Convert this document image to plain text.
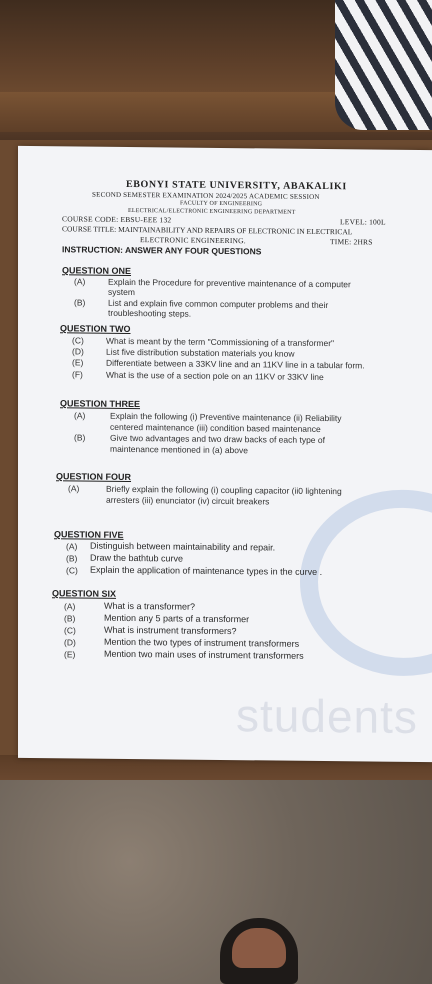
students
EBONYI STATE UNIVERSITY, ABAKALIKI
SECOND SEMESTER EXAMINATION 2024/2025 ACADEMIC SESSION
FACULTY OF ENGINEERING
ELECTRICAL/ELECTRONIC ENGINEERING DEPARTMENT
COURSE CODE: EBSU-EEE 132	LEVEL: 100L
COURSE TITLE: MAINTAINABILITY AND REPAIRS OF ELECTRONIC IN ELECTRICAL
ELECTRONIC ENGINEERING.	TIME: 2HRS
INSTRUCTION: ANSWER ANY FOUR QUESTIONS
QUESTION ONE
(A)	Explain the Procedure for preventive maintenance of a computer
system
(B)	List and explain five common computer problems and their
troubleshooting steps.
QUESTION TWO
(C)	What is meant by the term "Commissioning of a transformer"
(D)	List five distribution substation materials you know
(E)	Differentiate between a 33KV line and an 11KV line in a tabular form.
(F)	What is the use of a section pole on an 11KV or 33KV line
QUESTION THREE
(A)	Explain the following (i) Preventive maintenance (ii) Reliability
centered maintenance (iii) condition based maintenance
(B)	Give two advantages and two draw backs of each type of
maintenance mentioned in (a) above
QUESTION FOUR
(A)	Briefly explain the following (i) coupling capacitor (ii0 lightening
arresters (iii) enunciator (iv) circuit breakers
QUESTION FIVE
(A) Distinguish between maintainability and repair.
(B) Draw the bathtub curve
(C) Explain the application of maintenance types in the curve .
QUESTION SIX
(A)	What is a transformer?
(B)	Mention any 5 parts of a transformer
(C)	What is instrument transformers?
(D)	Mention the two types of instrument transformers
(E)	Mention two main uses of instrument transformers
